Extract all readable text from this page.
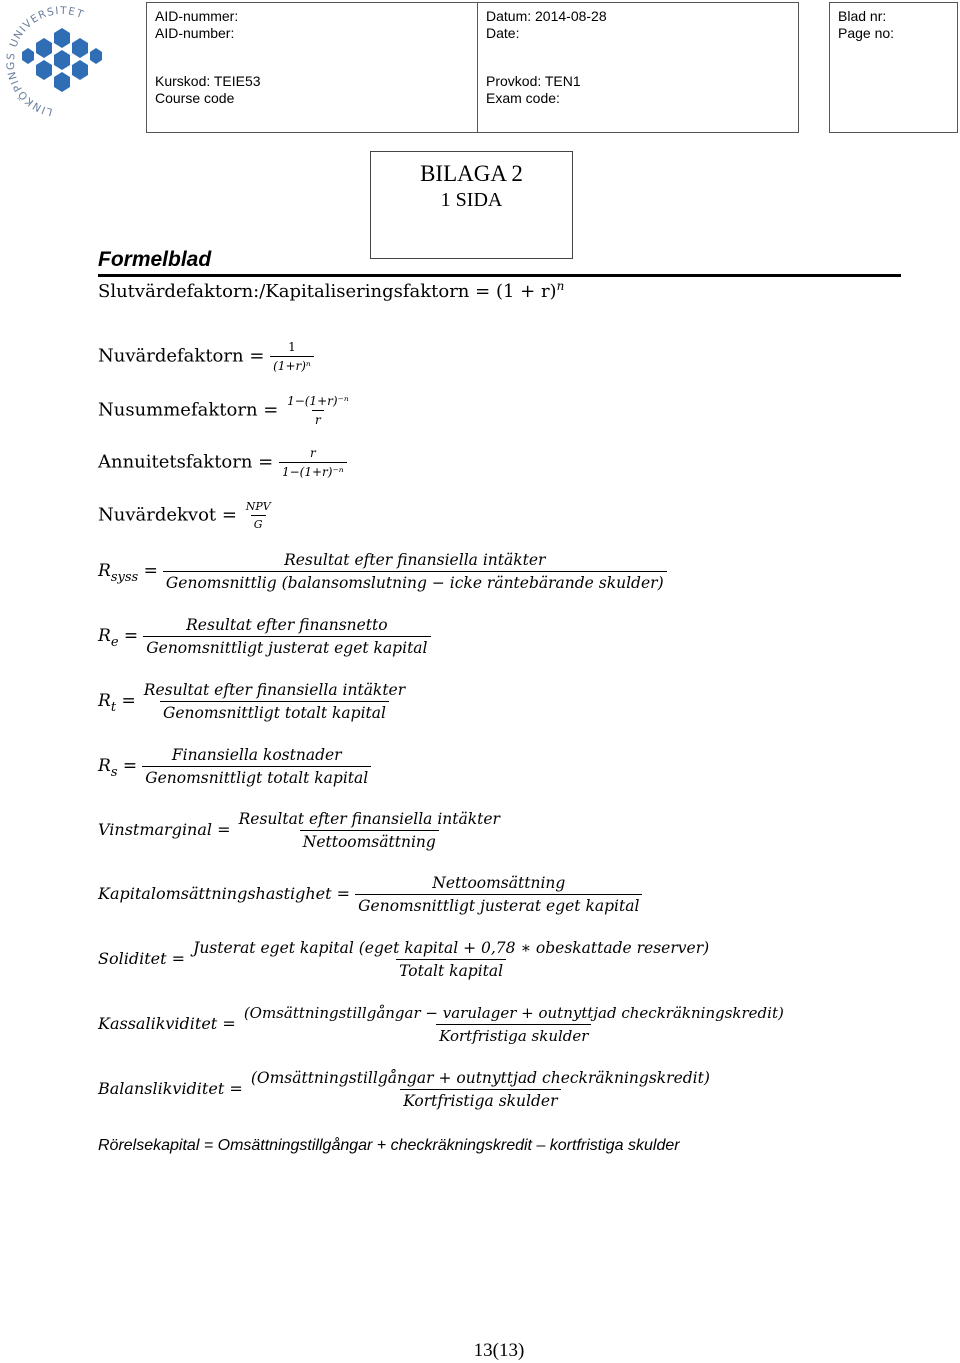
LINKÖPINGS UNIVERSITET	AID-nummer:
AID-number:
Kurskod: TEIE53
Course code
Datum: 2014-08-28
Date:
Provkod: TEN1
Exam code:
Blad nr:
Page no:
BILAGA 2
1 SIDA
Formelblad
Slutvärdefaktorn:/Kapitaliseringsfaktorn = $(1 + r)^n$
Nuvärdefaktorn = $\frac{1}{\text{(1+r)ⁿ}}$
Nusummefaktorn = $\frac{\text{1−(1+r)⁻ⁿ}}{r}$
Annuitetsfaktorn = $\frac{r}{\text{1−(1+r)⁻ⁿ}}$
Nuvärdekvot = $\frac{\text{NPV}}{G}$
$R_{syss} = \frac{\text{Resultat efter finansiella intäkter}}{\text{Genomsnittlig (balansomslutning − icke räntebärande skulder)}}$
$R_e = \frac{\text{Resultat efter finansnetto}}{\text{Genomsnittligt justerat eget kapital}}$
$R_t = \frac{\text{Resultat efter finansiella intäkter}}{\text{Genomsnittligt totalt kapital}}$
$R_s = \frac{\text{Finansiella kostnader}}{\text{Genomsnittligt totalt kapital}}$
Vinstmarginal = $\frac{\text{Resultat efter finansiella intäkter}}{\text{Nettoomsättning}}$
Kapitalomsättningshastighet = $\frac{\text{Nettoomsättning}}{\text{Genomsnittligt justerat eget kapital}}$
Soliditet =
Justerat eget kapital (eget kapital + 0,78 ∗ obeskattade reserver)
Totalt kapital
Kassalikviditet =
(Omsättningstillgångar − varulager + outnyttjad checkräkningskredit)
Kortfristiga skulder
Balanslikviditet = $\frac{\text{(Omsättningstillgångar + outnyttjad checkräkningskredit)}}{\text{Kortfristiga skulder}}$
Rörelsekapital = Omsättningstillgångar + checkräkningskredit – kortfristiga skulder
13(13)
